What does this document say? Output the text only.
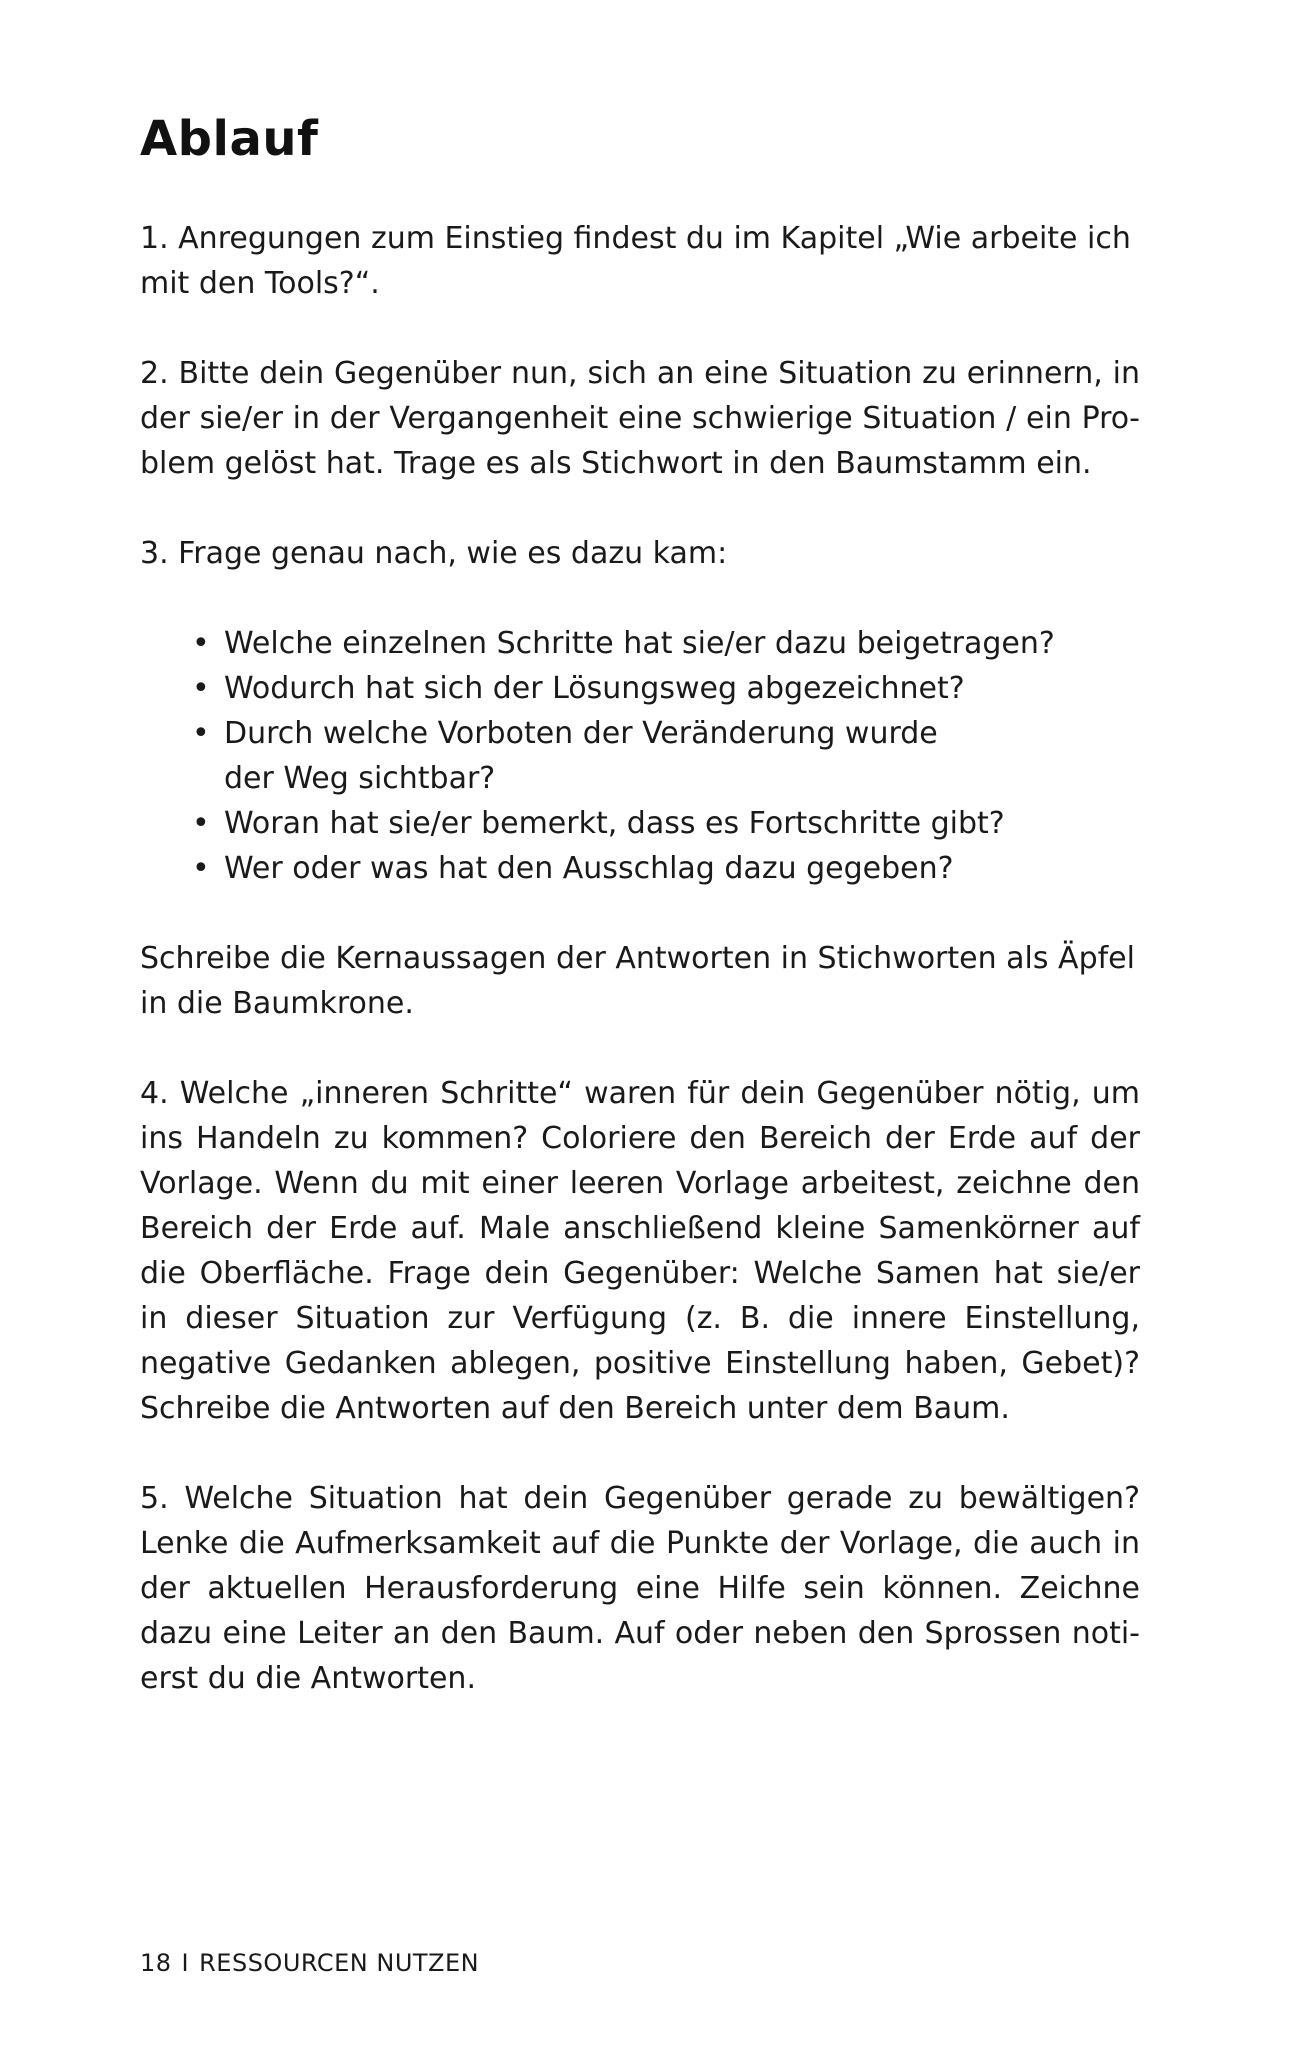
Ablauf

1. Anregungen zum Einstieg findest du im Kapitel „Wie arbeite ich mit den Tools?“.

2. Bitte dein Gegenüber nun, sich an eine Situation zu erinnern, in der sie/er in der Vergangenheit eine schwierige Situation / ein Problem gelöst hat. Trage es als Stichwort in den Baumstamm ein.

3. Frage genau nach, wie es dazu kam:

• Welche einzelnen Schritte hat sie/er dazu beigetragen?
• Wodurch hat sich der Lösungsweg abgezeichnet?
• Durch welche Vorboten der Veränderung wurde der Weg sichtbar?
• Woran hat sie/er bemerkt, dass es Fortschritte gibt?
• Wer oder was hat den Ausschlag dazu gegeben?

Schreibe die Kernaussagen der Antworten in Stichworten als Äpfel in die Baumkrone.

4. Welche „inneren Schritte“ waren für dein Gegenüber nötig, um ins Handeln zu kommen? Coloriere den Bereich der Erde auf der Vorlage. Wenn du mit einer leeren Vorlage arbeitest, zeichne den Bereich der Erde auf. Male anschließend kleine Samenkörner auf die Oberfläche. Frage dein Gegenüber: Welche Samen hat sie/er in dieser Situation zur Verfügung (z. B. die innere Einstellung, negative Gedanken ablegen, positive Einstellung haben, Gebet)? Schreibe die Antworten auf den Bereich unter dem Baum.

5. Welche Situation hat dein Gegenüber gerade zu bewältigen? Lenke die Aufmerksamkeit auf die Punkte der Vorlage, die auch in der aktuellen Herausforderung eine Hilfe sein können. Zeichne dazu eine Leiter an den Baum. Auf oder neben den Sprossen notierst du die Antworten.

18 I RESSOURCEN NUTZEN
